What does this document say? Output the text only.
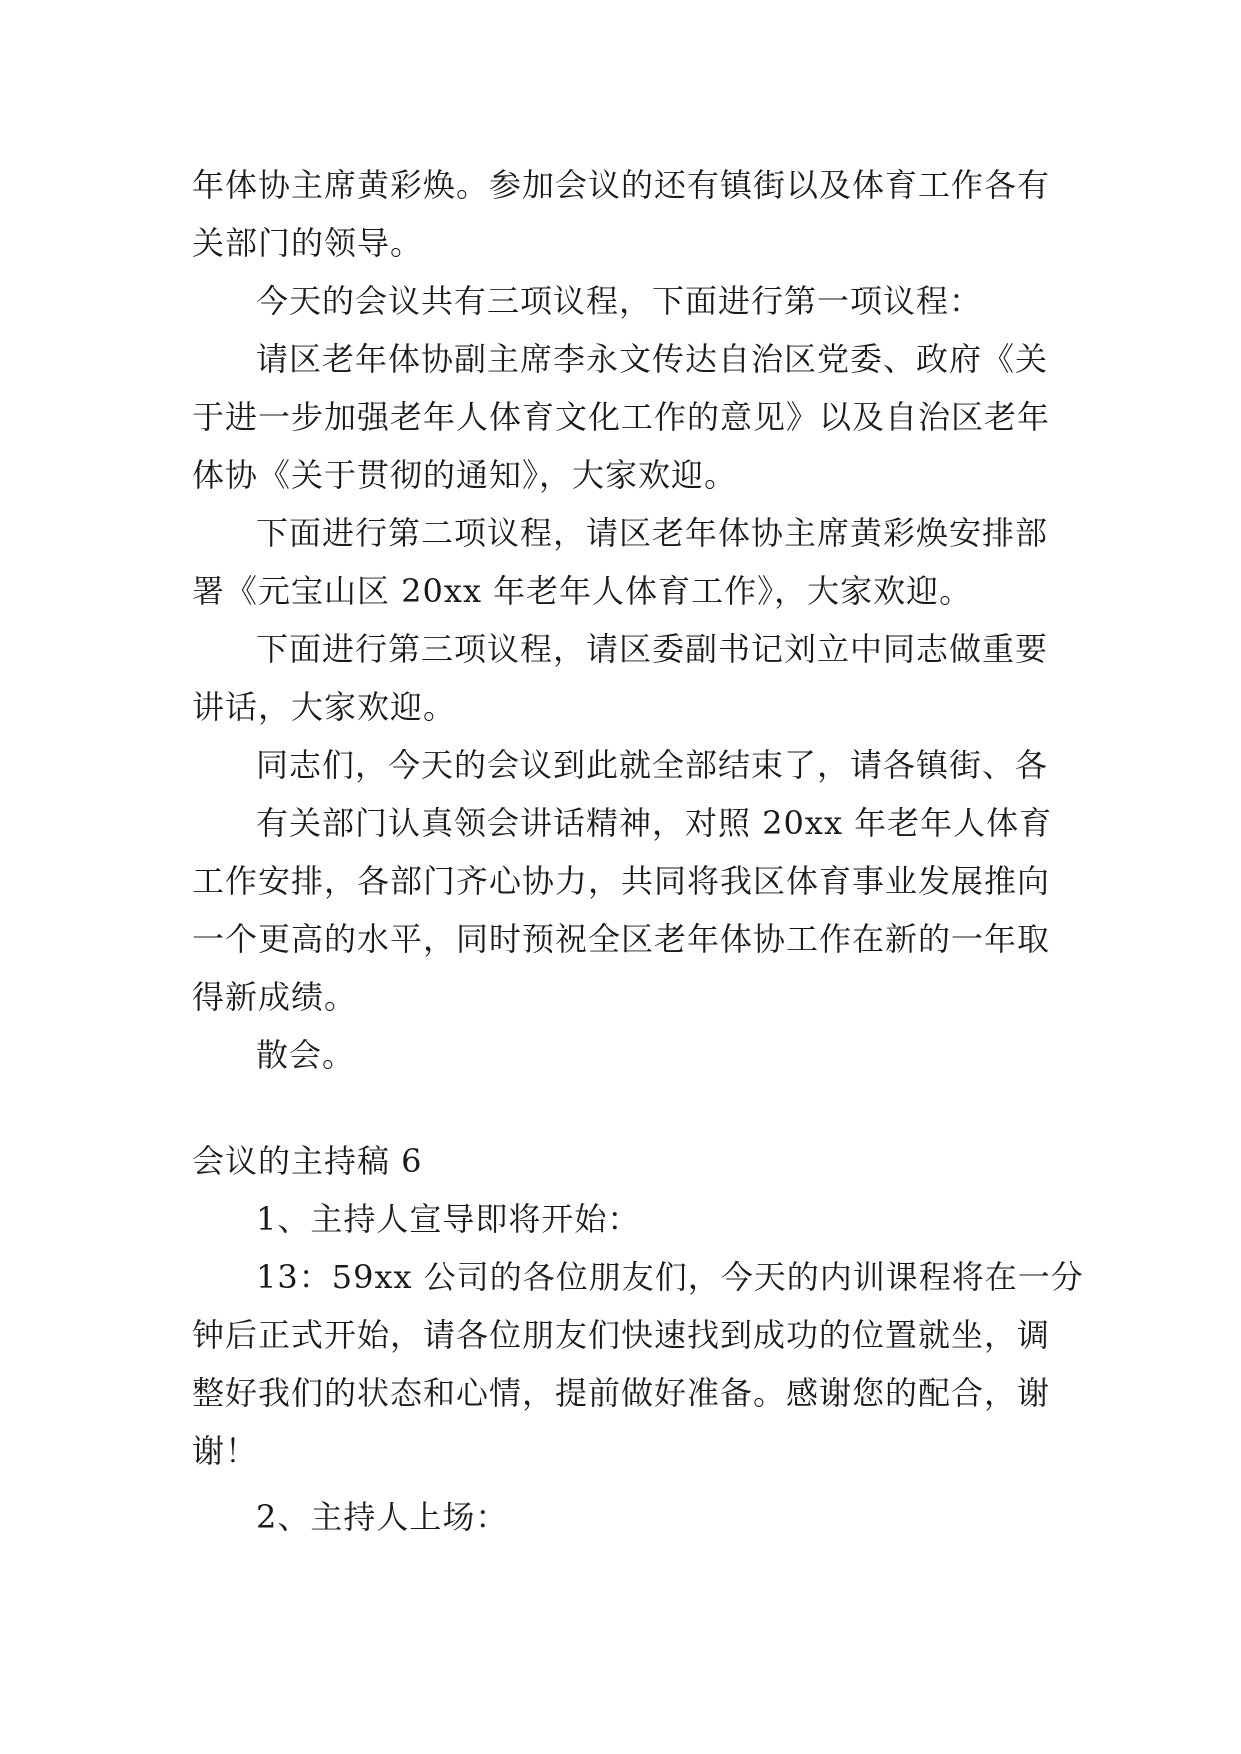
年体协主席黄彩焕。参加会议的还有镇街以及体育工作各有
关部门的领导。
今天的会议共有三项议程，下面进行第一项议程：
请区老年体协副主席李永文传达自治区党委、政府《关
于进一步加强老年人体育文化工作的意见》以及自治区老年
体协《关于贯彻的通知》，大家欢迎。
下面进行第二项议程，请区老年体协主席黄彩焕安排部
署《元宝山区 20xx 年老年人体育工作》，大家欢迎。
下面进行第三项议程，请区委副书记刘立中同志做重要
讲话，大家欢迎。
同志们，今天的会议到此就全部结束了，请各镇街、各
有关部门认真领会讲话精神，对照 20xx 年老年人体育
工作安排，各部门齐心协力，共同将我区体育事业发展推向
一个更高的水平，同时预祝全区老年体协工作在新的一年取
得新成绩。
散会。
会议的主持稿 6
1、主持人宣导即将开始：
13：59xx 公司的各位朋友们，今天的内训课程将在一分
钟后正式开始，请各位朋友们快速找到成功的位置就坐，调
整好我们的状态和心情，提前做好准备。感谢您的配合，谢
谢！
2、主持人上场：
